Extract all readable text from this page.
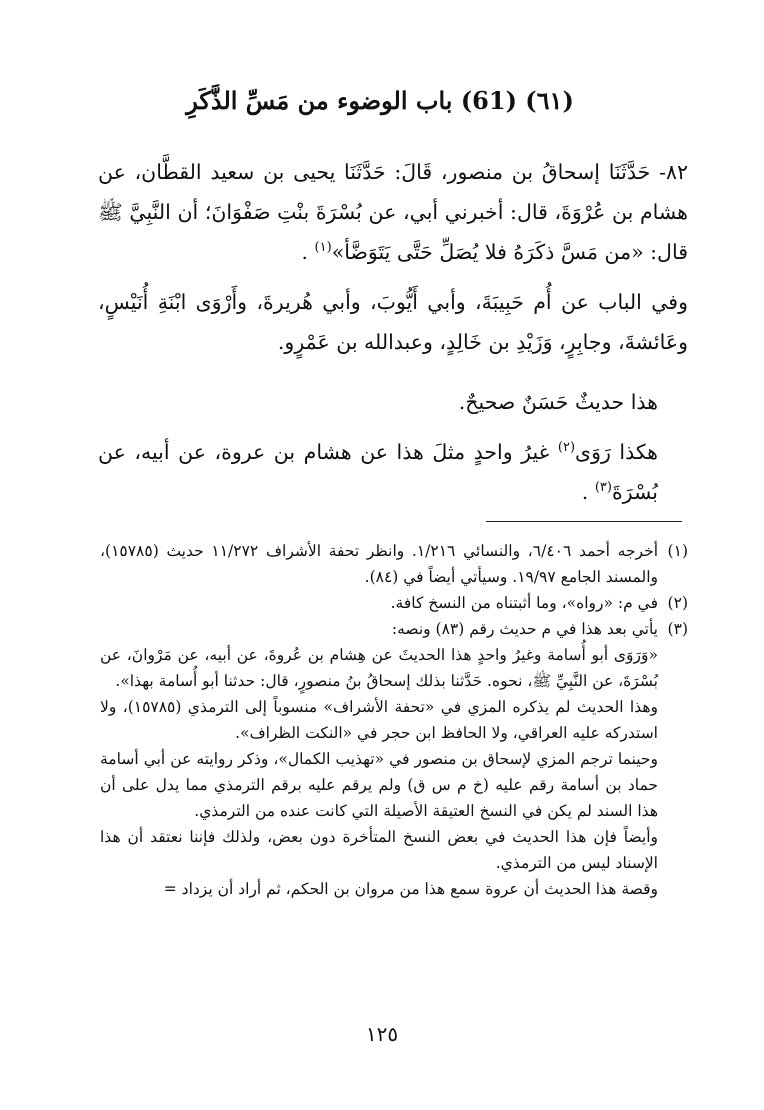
(٦١) (61) باب الوضوء من مَسِّ الذَّكَرِ

٨٢- حَدَّثَنَا إسحاقُ بن منصور، قَالَ: حَدَّثَنَا يحيى بن سعيد القطَّان، عن هشام بن عُرْوَةَ، قال: أخبرني أبي، عن بُسْرَةَ بنْتِ صَفْوَانَ؛ أن النَّبِيَّ ﷺ قال: «من مَسَّ ذكَرَهُ فلا يُصَلِّ حَتَّى يَتَوَضَّأ»$^{(١)}$ .

وفي الباب عن أُم حَبِيبَةَ، وأبي أَيُّوبَ، وأبي هُريرةَ، وأَرْوَى ابْنَةِ أُنَيْسٍ، وعَائشةَ، وجابِرٍ، وَزَيْدِ بن خَالِدٍ، وعبدالله بن عَمْرٍو.

هذا حديثٌ حَسَنٌ صحيحٌ.

هكذا رَوَى$^{(٢)}$ غيرُ واحدٍ مثلَ هذا عن هشام بن عروة، عن أبيه، عن بُسْرَةَ$^{(٣)}$ .

(١)
أخرجه أحمد ٦/٤٠٦، والنسائي ١/٢١٦. وانظر تحفة الأشراف ١١/٢٧٢ حديث (١٥٧٨٥)، والمسند الجامع ١٩/٩٧. وسيأتي أيضاً في (٨٤).
(٢)
في م: «رواه»، وما أثبتناه من النسخ كافة.
(٣)
يأتي بعد هذا في م حديث رقم (٨٣) ونصه:
«وَرَوَى أبو أُسامة وغيرُ واحدٍ هذا الحديثَ عن هِشام بن عُروةَ، عن أبيه، عن مَرْوانَ، عن بُسْرَةَ، عن النَّبِيِّ ﷺ، نحوه. حَدَّثنا بذلك إسحاقُ بنُ منصورٍ، قال: حدثنا أبو أُسامة بهذا».
وهذا الحديث لم يذكره المزي في «تحفة الأشراف» منسوباً إلى الترمذي (١٥٧٨٥)، ولا استدركه عليه العراقي، ولا الحافظ ابن حجر في «النكت الظراف».
وحينما ترجم المزي لإسحاق بن منصور في «تهذيب الكمال»، وذكر روايته عن أبي أسامة حماد بن أسامة رقم عليه (خ م س ق) ولم يرقم عليه برقم الترمذي مما يدل على أن هذا السند لم يكن في النسخ العتيقة الأصيلة التي كانت عنده من الترمذي.
وأيضاً فإن هذا الحديث في بعض النسخ المتأخرة دون بعض، ولذلك فإننا نعتقد أن هذا الإسناد ليس من الترمذي.
وقصة هذا الحديث أن عروة سمع هذا من مروان بن الحكم، ثم أراد أن يزداد =
١٢٥
